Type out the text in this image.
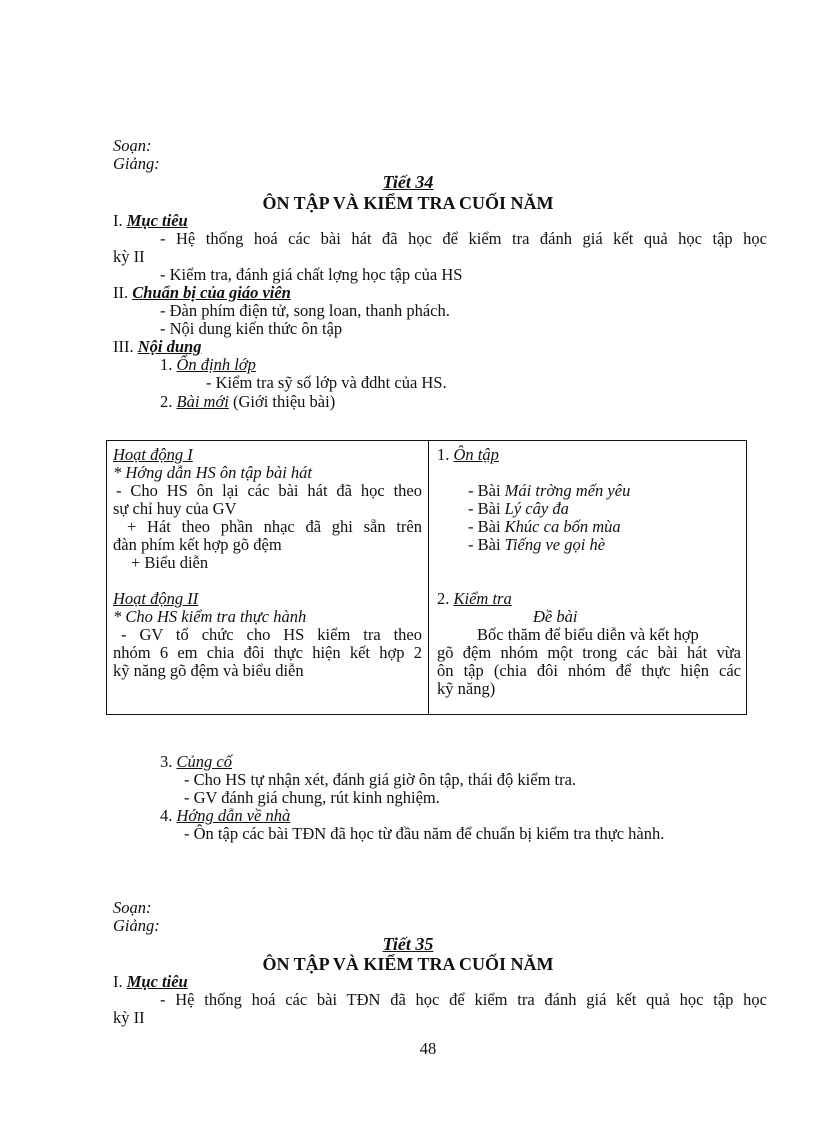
Soạn:
Giảng:
Tiết 34
ÔN TẬP VÀ KIỂM TRA CUỐI NĂM
I. Mục tiêu
- Hệ thống hoá các bài hát đã học để kiểm tra đánh giá kết quả học tập học
kỳ II
- Kiểm tra, đánh giá chất lợng học tập của HS
II. Chuẩn bị của giáo viên
- Đàn phím điện tử, song loan, thanh phách.
- Nội dung kiến thức ôn tập
III. Nội dung
1. Ổn định lớp
- Kiểm tra sỹ số lớp và đdht của HS.
2. Bài mới (Giới thiệu bài)
Hoạt động I
* Hớng dẫn HS ôn tập bài hát
- Cho HS ôn lại các bài hát đã học theo
sự chỉ huy của GV
+ Hát theo phần nhạc đã ghi sẵn trên
đàn phím kết hợp gõ đệm
+ Biểu diễn
Hoạt động II
* Cho HS kiểm tra thực hành
- GV tổ chức cho HS kiểm tra theo
nhóm 6 em chia đôi thực hiện kết hợp 2
kỹ năng gõ đệm và biểu diễn

1. Ôn tập
- Bài Mái trờng mến yêu
- Bài Lý cây đa
- Bài Khúc ca bốn mùa
- Bài Tiếng ve gọi hè
2. Kiểm tra
Đề bài
Bốc thăm để biểu diễn và kết hợp
gõ đệm nhóm một trong các bài hát vừa
ôn tập (chia đôi nhóm để thực hiện các
kỹ năng)
3. Củng cố
- Cho HS tự nhận xét, đánh giá giờ ôn tập, thái độ kiểm tra.
- GV đánh giá chung, rút kinh nghiệm.
4. Hớng dẫn về nhà
- Ôn tập các bài TĐN đã học từ đầu năm để chuẩn bị kiểm tra thực hành.
Soạn:
Giảng:
Tiết 35
ÔN TẬP VÀ KIỂM TRA CUỐI NĂM
I. Mục tiêu
- Hệ thống hoá các bài TĐN đã học để kiểm tra đánh giá kết quả học tập học
kỳ II
48
